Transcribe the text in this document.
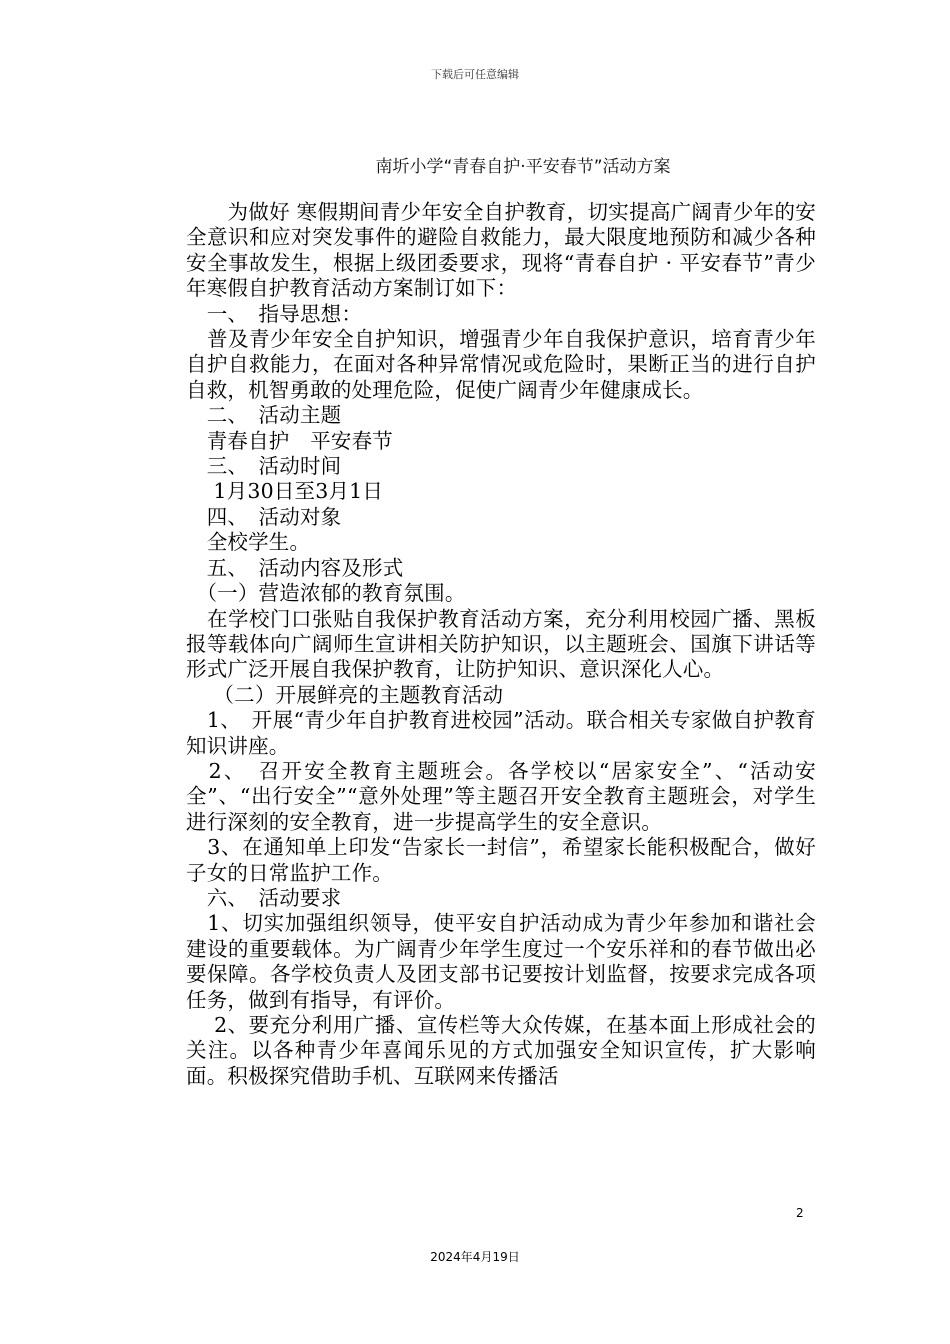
下载后可任意编辑
南圻小学“青春自护·平安春节”活动方案

　　为做好 寒假期间青少年安全自护教育，切实提高广阔青少年的安全意识和应对突发事件的避险自救能力，最大限度地预防和减少各种安全事故发生，根据上级团委要求，现将“青春自护 · 平安春节”青少年寒假自护教育活动方案制订如下：

　一、　指导思想：

　普及青少年安全自护知识，增强青少年自我保护意识，培育青少年自护自救能力，在面对各种异常情况或危险时，果断正当的进行自护自救，机智勇敢的处理危险，促使广阔青少年健康成长。

　二、　活动主题

　青春自护　平安春节

　三、　活动时间

　 1月30日至3月1日

　四、　活动对象

　全校学生。

　五、　活动内容及形式

　（一）营造浓郁的教育氛围。

　在学校门口张贴自我保护教育活动方案，充分利用校园广播、黑板报等载体向广阔师生宣讲相关防护知识，以主题班会、国旗下讲话等形式广泛开展自我保护教育，让防护知识、意识深化人心。

　 （二）开展鲜亮的主题教育活动

　1、　开展“青少年自护教育进校园”活动。联合相关专家做自护教育知识讲座。

　2、　召开安全教育主题班会。各学校以“居家安全”、“活动安全”、“出行安全”“意外处理”等主题召开安全教育主题班会，对学生进行深刻的安全教育，进一步提高学生的安全意识。

　3、在通知单上印发“告家长一封信”，希望家长能积极配合，做好子女的日常监护工作。

　六、　活动要求

　1、切实加强组织领导，使平安自护活动成为青少年参加和谐社会建设的重要载体。为广阔青少年学生度过一个安乐祥和的春节做出必要保障。各学校负责人及团支部书记要按计划监督，按要求完成各项任务，做到有指导，有评价。

　 2、要充分利用广播、宣传栏等大众传媒，在基本面上形成社会的关注。以各种青少年喜闻乐见的方式加强安全知识宣传，扩大影响面。积极探究借助手机、互联网来传播活

2
2024年4月19日
